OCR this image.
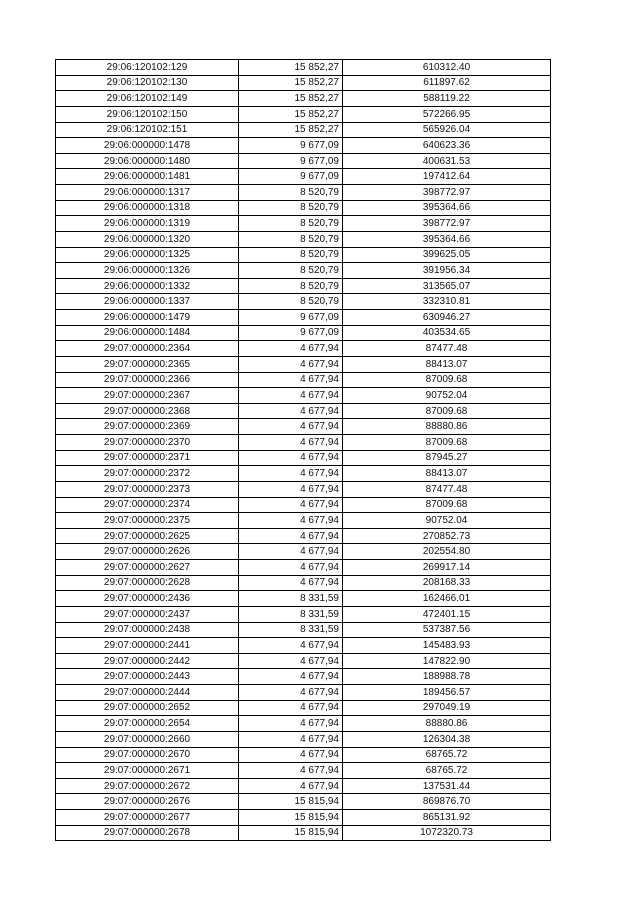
29:06:120102:129	15 852,27	610312.40
29:06:120102:130	15 852,27	611897.62
29:06:120102:149	15 852,27	588119.22
29:06:120102:150	15 852,27	572266.95
29:06:120102:151	15 852,27	565926.04
29:06:000000:1478	9 677,09	640623.36
29:06:000000:1480	9 677,09	400631.53
29:06:000000:1481	9 677,09	197412.64
29:06:000000:1317	8 520,79	398772.97
29:06:000000:1318	8 520,79	395364.66
29:06:000000:1319	8 520,79	398772.97
29:06:000000:1320	8 520,79	395364.66
29:06:000000:1325	8 520,79	399625.05
29:06:000000:1326	8 520,79	391956.34
29:06:000000:1332	8 520,79	313565.07
29:06:000000:1337	8 520,79	332310.81
29:06:000000:1479	9 677,09	630946.27
29:06:000000:1484	9 677,09	403534.65
29:07:000000:2364	4 677,94	87477.48
29:07:000000:2365	4 677,94	88413.07
29:07:000000:2366	4 677,94	87009.68
29:07:000000:2367	4 677,94	90752.04
29:07:000000:2368	4 677,94	87009.68
29:07:000000:2369	4 677,94	88880.86
29:07:000000:2370	4 677,94	87009.68
29:07:000000:2371	4 677,94	87945.27
29:07:000000:2372	4 677,94	88413.07
29:07:000000:2373	4 677,94	87477.48
29:07:000000:2374	4 677,94	87009.68
29:07:000000:2375	4 677,94	90752.04
29:07:000000:2625	4 677,94	270852.73
29:07:000000:2626	4 677,94	202554.80
29:07:000000:2627	4 677,94	269917.14
29:07:000000:2628	4 677,94	208168.33
29:07:000000:2436	8 331,59	162466.01
29:07:000000:2437	8 331,59	472401.15
29:07:000000:2438	8 331,59	537387.56
29:07:000000:2441	4 677,94	145483.93
29:07:000000:2442	4 677,94	147822.90
29:07:000000:2443	4 677,94	188988.78
29:07:000000:2444	4 677,94	189456.57
29:07:000000:2652	4 677,94	297049.19
29:07:000000:2654	4 677,94	88880.86
29:07:000000:2660	4 677,94	126304.38
29:07:000000:2670	4 677,94	68765.72
29:07:000000:2671	4 677,94	68765.72
29:07:000000:2672	4 677,94	137531.44
29:07:000000:2676	15 815,94	869876.70
29:07:000000:2677	15 815,94	865131.92
29:07:000000:2678	15 815,94	1072320.73
